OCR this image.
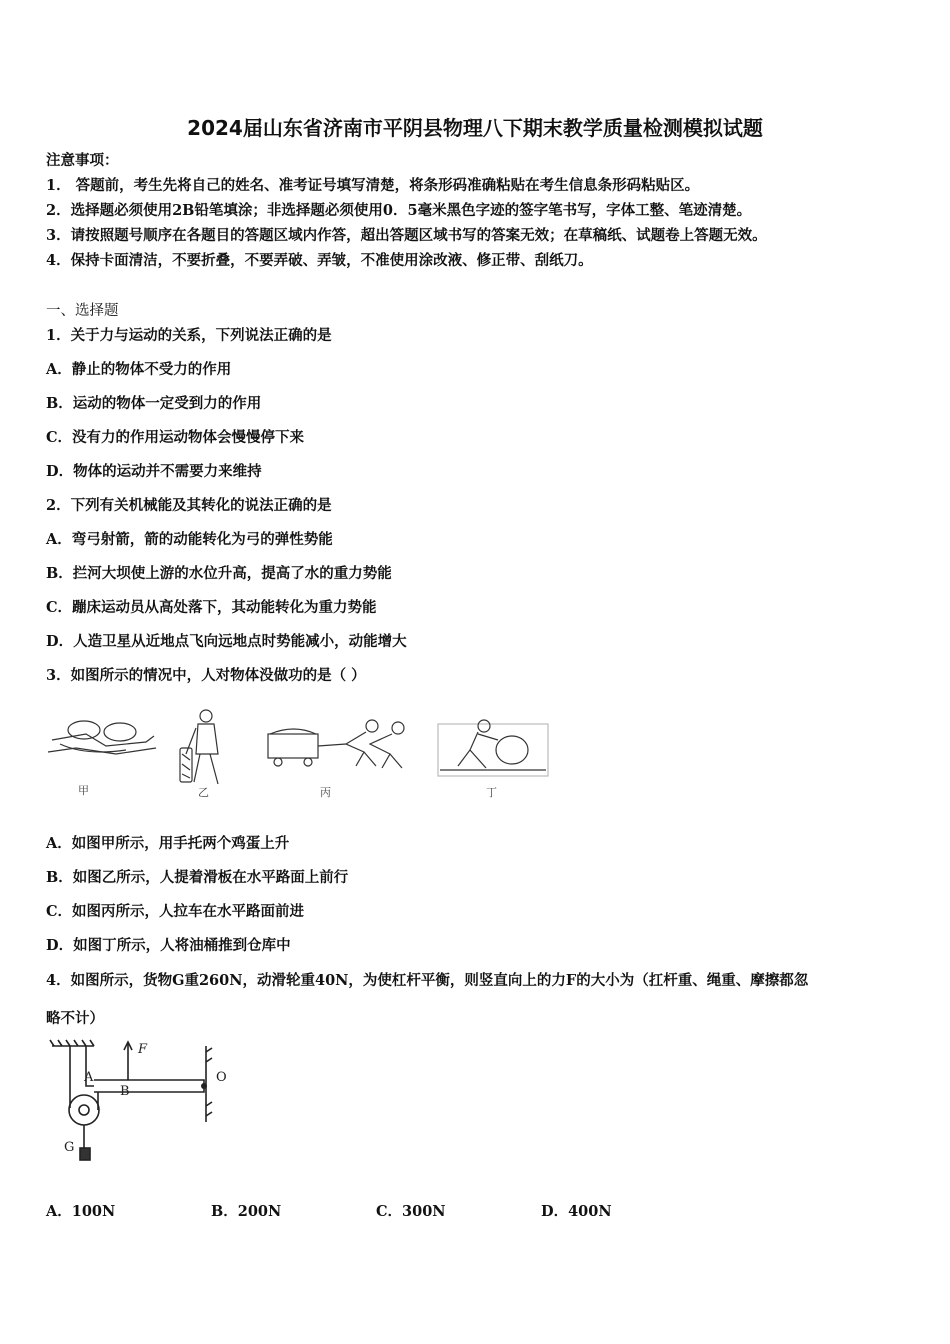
2024届山东省济南市平阴县物理八下期末教学质量检测模拟试题
注意事项：
1． 答题前，考生先将自己的姓名、准考证号填写清楚，将条形码准确粘贴在考生信息条形码粘贴区。
2．选择题必须使用2B铅笔填涂；非选择题必须使用0．5毫米黑色字迹的签字笔书写，字体工整、笔迹清楚。
3．请按照题号顺序在各题目的答题区域内作答，超出答题区域书写的答案无效；在草稿纸、试题卷上答题无效。
4．保持卡面清洁，不要折叠，不要弄破、弄皱，不准使用涂改液、修正带、刮纸刀。
一、选择题
1．关于力与运动的关系，下列说法正确的是
A．静止的物体不受力的作用
B．运动的物体一定受到力的作用
C．没有力的作用运动物体会慢慢停下来
D．物体的运动并不需要力来维持
2．下列有关机械能及其转化的说法正确的是
A．弯弓射箭，箭的动能转化为弓的弹性势能
B．拦河大坝使上游的水位升高，提高了水的重力势能
C．蹦床运动员从高处落下，其动能转化为重力势能
D．人造卫星从近地点飞向远地点时势能减小，动能增大
3．如图所示的情况中，人对物体没做功的是（ ）
甲	乙	丙	丁
A．如图甲所示，用手托两个鸡蛋上升
B．如图乙所示，人提着滑板在水平路面上前行
C．如图丙所示，人拉车在水平路面前进
D．如图丁所示，人将油桶推到仓库中
4．如图所示，货物G重260N，动滑轮重40N，为使杠杆平衡，则竖直向上的力F的大小为（扛杆重、绳重、摩擦都忽
略不计）
F
A
B
O
G
A．100N	B．200N	C．300N	D．400N
